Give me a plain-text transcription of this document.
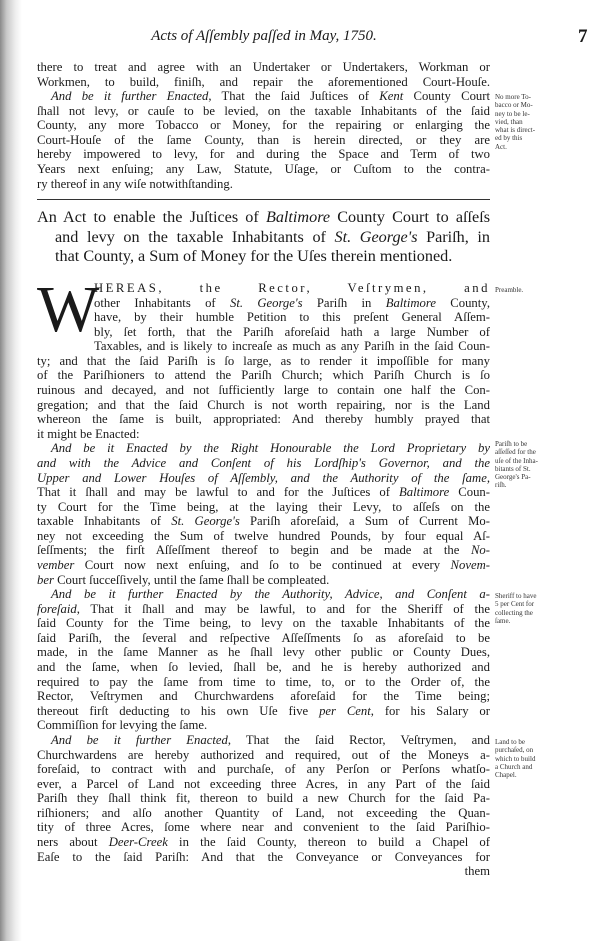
Acts of Aſſembly paſſed in May, 1750.	7
there to treat and agree with an Undertaker or Undertakers, Workman or
Workmen, to build, finiſh, and repair the aforementioned Court-Houſe.
And be it further Enacted, That the ſaid Juſtices of Kent County Court
ſhall not levy, or cauſe to be levied, on the taxable Inhabitants of the ſaid
County, any more Tobacco or Money, for the repairing or enlarging the
Court-Houſe of the ſame County, than is herein directed, or they are
hereby impowered to levy, for and during the Space and Term of two
Years next enſuing; any Law, Statute, Uſage, or Cuſtom to the contra-
ry thereof in any wiſe notwithſtanding.
An Act to enable the Juſtices of Baltimore County Court to aſſeſs
and levy on the taxable Inhabitants of St. George's Pariſh, in
that County, a Sum of Money for the Uſes therein mentioned.
W
HEREAS, the Rector, Veſtrymen, and
other Inhabitants of St. George's Pariſh in Baltimore County,
have, by their humble Petition to this preſent General Aſſem-
bly, ſet forth, that the Pariſh aforeſaid hath a large Number of
Taxables, and is likely to increaſe as much as any Pariſh in the ſaid Coun-
ty; and that the ſaid Pariſh is ſo large, as to render it impoſſible for many
of the Pariſhioners to attend the Pariſh Church; which Pariſh Church is ſo
ruinous and decayed, and not ſufficiently large to contain one half the Con-
gregation; and that the ſaid Church is not worth repairing, nor is the Land
whereon the ſame is built, appropriated: And thereby humbly prayed that
it might be Enacted:
And be it Enacted by the Right Honourable the Lord Proprietary by
and with the Advice and Conſent of his Lordſhip's Governor, and the
Upper and Lower Houſes of Aſſembly, and the Authority of the ſame,
That it ſhall and may be lawful to and for the Juſtices of Baltimore Coun-
ty Court for the Time being, at the laying their Levy, to aſſeſs on the
taxable Inhabitants of St. George's Pariſh aforeſaid, a Sum of Current Mo-
ney not exceeding the Sum of twelve hundred Pounds, by four equal Aſ-
ſeſſments; the firſt Aſſeſſment thereof to begin and be made at the No-
vember Court now next enſuing, and ſo to be continued at every Novem-
ber Court ſucceſſively, until the ſame ſhall be compleated.
And be it further Enacted by the Authority, Advice, and Conſent a-
foreſaid, That it ſhall and may be lawful, to and for the Sheriff of the
ſaid County for the Time being, to levy on the taxable Inhabitants of the
ſaid Pariſh, the ſeveral and reſpective Aſſeſſments ſo as aforeſaid to be
made, in the ſame Manner as he ſhall levy other public or County Dues,
and the ſame, when ſo levied, ſhall be, and he is hereby authorized and
required to pay the ſame from time to time, to, or to the Order of, the
Rector, Veſtrymen and Churchwardens aforeſaid for the Time being;
thereout firſt deducting to his own Uſe five per Cent, for his Salary or
Commiſſion for levying the ſame.
And be it further Enacted, That the ſaid Rector, Veſtrymen, and
Churchwardens are hereby authorized and required, out of the Moneys a-
foreſaid, to contract with and purchaſe, of any Perſon or Perſons whatſo-
ever, a Parcel of Land not exceeding three Acres, in any Part of the ſaid
Pariſh they ſhall think fit, thereon to build a new Church for the ſaid Pa-
riſhioners; and alſo another Quantity of Land, not exceeding the Quan-
tity of three Acres, ſome where near and convenient to the ſaid Pariſhio-
ners about Deer-Creek in the ſaid County, thereon to build a Chapel of
Eaſe to the ſaid Pariſh: And that the Conveyance or Conveyances for
them
No more To-
bacco or Mo-
ney to be le-
vied, than
what is direct-
ed by this
Act.
Preamble.
Pariſh to be
aſſeſſed for the
uſe of the Inha-
bitants of St.
George's Pa-
riſh.
Sheriff to have
5 per Cent for
collecting the
ſame.
Land to be
purchaſed, on
which to build
a Church and
Chapel.
